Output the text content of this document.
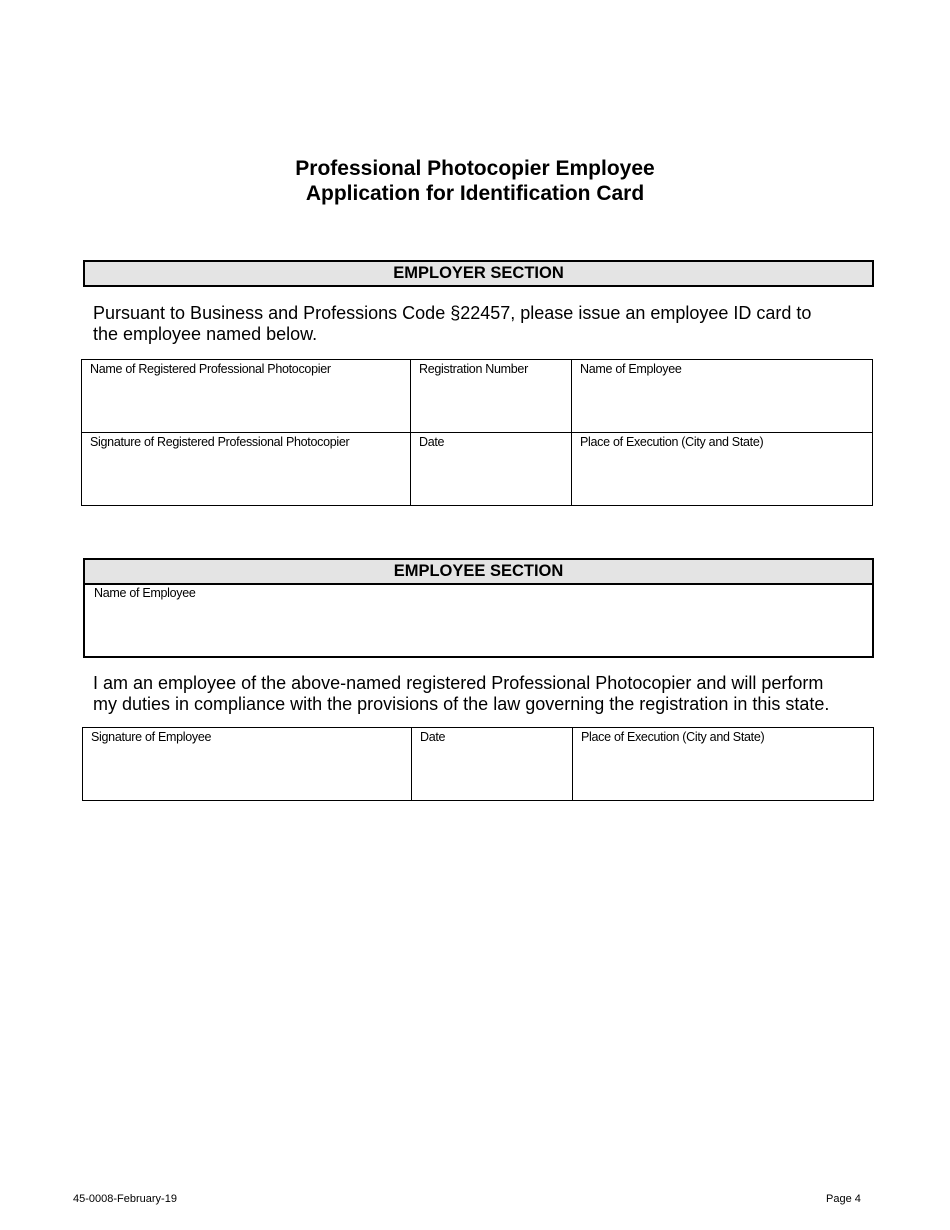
Professional Photocopier Employee
Application for Identification Card
EMPLOYER SECTION
Pursuant to Business and Professions Code §22457, please issue an employee ID card to
the employee named below.
Name of Registered Professional Photocopier	Registration Number	Name of Employee
Signature of Registered Professional Photocopier	Date	Place of Execution (City and State)
EMPLOYEE SECTION
Name of Employee
I am an employee of the above-named registered Professional Photocopier and will perform
my duties in compliance with the provisions of the law governing the registration in this state.
Signature of Employee	Date	Place of Execution (City and State)
45-0008-February-19	Page 4
